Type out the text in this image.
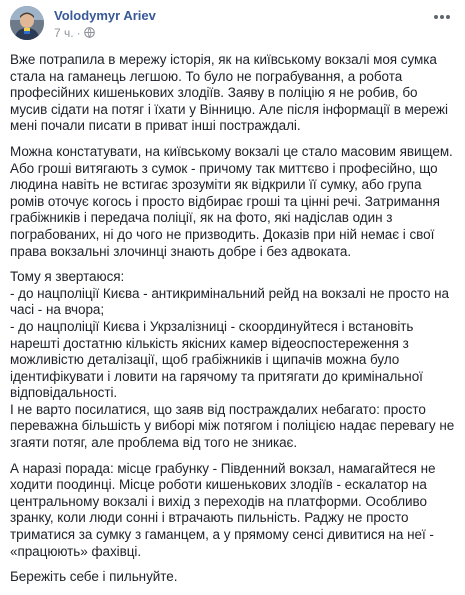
Volodymyr Ariev
7 ч. ·

Вже потрапила в мережу історія, як на київському вокзалі моя сумка стала на гаманець легшою. То було не пограбування, а робота професійних кишенькових злодіїв. Заяву в поліцію я не робив, бо мусив сідати на потяг і їхати у Вінницю. Але після інформації в мережі мені почали писати в приват інші постраждалі.

Можна констатувати, на київському вокзалі це стало масовим явищем. Або гроші витягають з сумок - причому так миттєво і професійно, що людина навіть не встигає зрозуміти як відкрили її сумку, або група ромів оточує когось і просто відбирає гроші та цінні речі. Затримання грабіжників і передача поліції, як на фото, які надіслав один з пограбованих, ні до чого не призводить. Доказів при ній немає і свої права вокзальні злочинці знають добре і без адвоката.

Тому я звертаюся:
- до нацполіції Києва - антикримінальний рейд на вокзалі не просто на часі - на вчора;
- до нацполіції Києва і Укрзалізниці - скоординуйтеся і встановіть нарешті достатню кількість якісних камер відеоспостереження з можливістю деталізації, щоб грабіжників і щипачів можна було ідентифікувати і ловити на гарячому та притягати до кримінальної відповідальності.
I не варто посилатися, що заяв від постраждалих небагато: просто переважна більшість у виборі між потягом і поліцією надає перевагу не згаяти потяг, але проблема від того не зникає.

А наразі порада: місце грабунку - Південний вокзал, намагайтеся не ходити поодинці. Місце роботи кишенькових злодіїв - ескалатор на центральному вокзалі і вихід з переходів на платформи. Особливо зранку, коли люди сонні і втрачають пильність. Раджу не просто триматися за сумку з гаманцем, а у прямому сенсі дивитися на неї - «працюють» фахівці.

Бережіть себе і пильнуйте.
